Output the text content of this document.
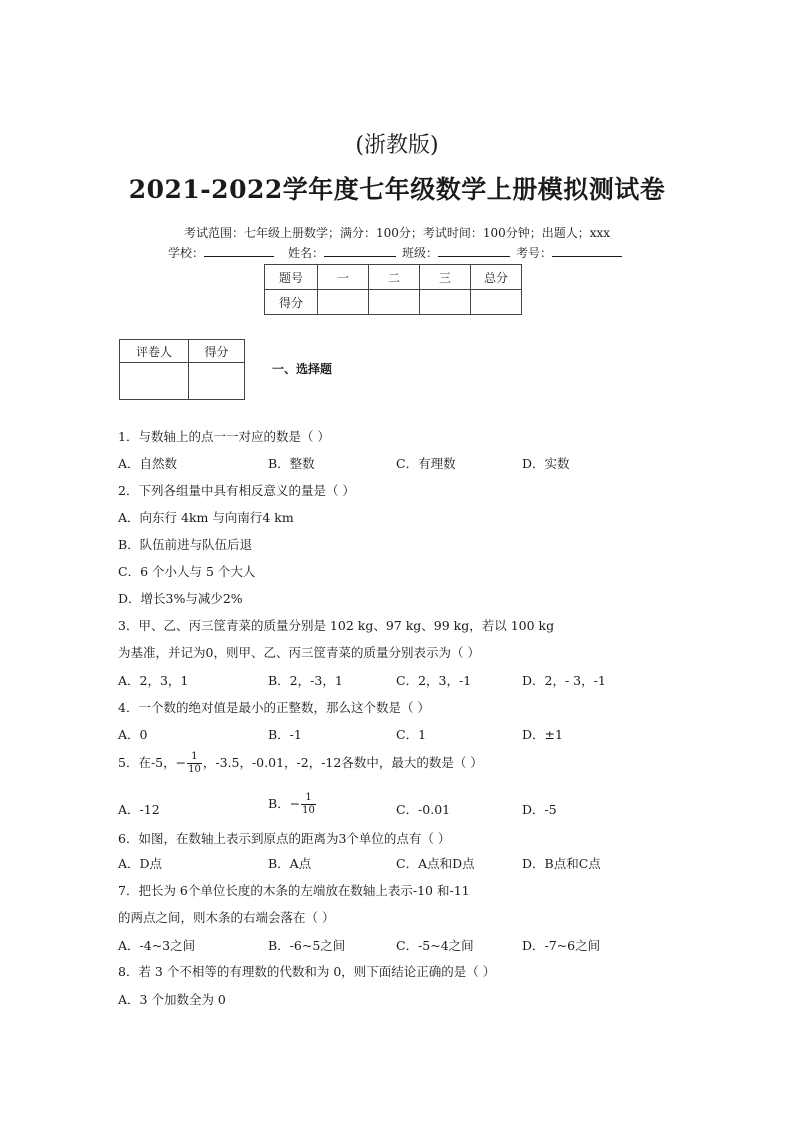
(浙教版)
2021-2022学年度七年级数学上册模拟测试卷
考试范围：七年级上册数学；满分：100分；考试时间：100分钟；出题人；xxx
学校：	姓名：	班级：	考号：
题号	一	二	三	总分
得分				
评卷人	得分

一、选择题
1．与数轴上的点一一对应的数是（ ）
A．自然数	B．整数	C．有理数	D．实数
2．下列各组量中具有相反意义的量是（ ）
A．向东行 4km 与向南行4 km
B．队伍前进与队伍后退
C．6 个小人与 5 个大人
D．增长3%与减少2%
3．甲、乙、丙三筐青菜的质量分别是 102 kg、97 kg、99 kg，若以 100 kg
为基准，并记为0，则甲、乙、丙三筐青菜的质量分别表示为（ ）
A．2，3，1	B．2，-3，1	C．2，3，-1	D．2，- 3，-1
4．一个数的绝对值是最小的正整数，那么这个数是（ ）
A．0	B．-1	C．1	D．±1
5．在-5，− $\frac{1}{10}$ ，-3.5，-0.01，-2，-12各数中，最大的数是（ ）
A．-12	B．− $\frac{1}{10}$	C．-0.01	D．-5
6．如图，在数轴上表示到原点的距离为3个单位的点有（ ）
A．D点	B．A点	C．A点和D点	D．B点和C点
7．把长为 6个单位长度的木条的左端放在数轴上表示-10 和-11
的两点之间，则木条的右端会落在（ ）
A．-4~3之间	B．-6~5之间	C．-5~4之间	D．-7~6之间
8．若 3 个不相等的有理数的代数和为 0，则下面结论正确的是（ ）
A．3 个加数全为 0
